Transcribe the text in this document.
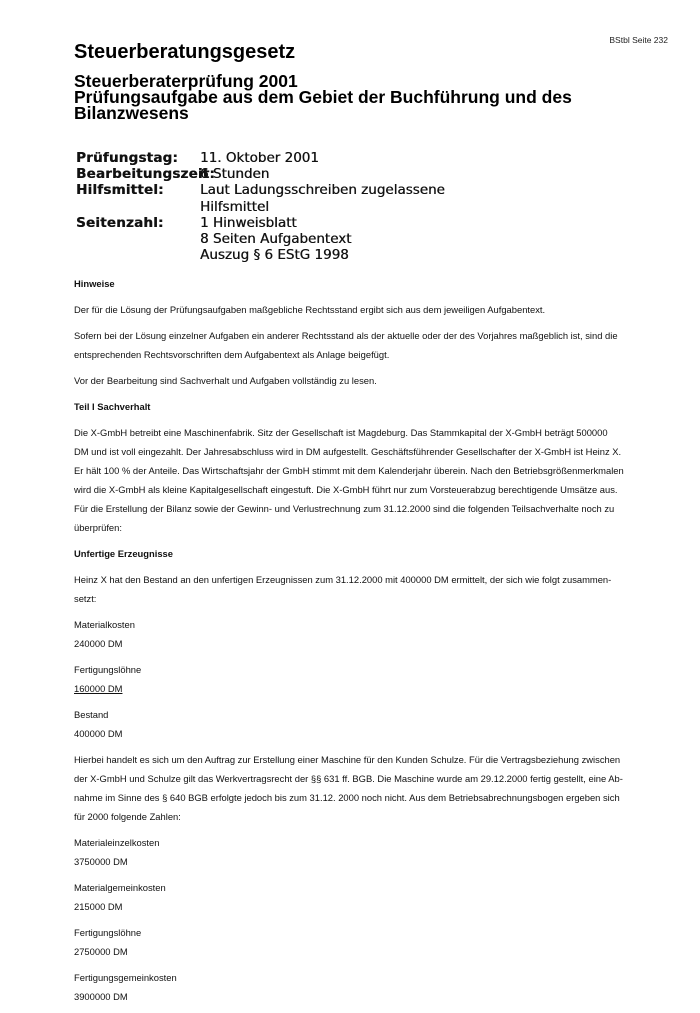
BStbl Seite 232
Steuerberatungsgesetz
Steuerberaterprüfung 2001
Prüfungsaufgabe aus dem Gebiet der Buchführung und des
Bilanzwesens
Prüfungstag:	11. Oktober 2001
Bearbeitungszeit:
6 Stunden
Hilfsmittel:	Laut Ladungsschreiben zugelassene
Hilfsmittel
Seitenzahl:	1 Hinweisblatt
8 Seiten Aufgabentext
Auszug § 6 EStG 1998

Hinweise

Der für die Lösung der Prüfungsaufgaben maßgebliche Rechtsstand ergibt sich aus dem jeweiligen Aufgabentext.

Sofern bei der Lösung einzelner Aufgaben ein anderer Rechtsstand als der aktuelle oder der des Vorjahres maßgeblich ist, sind die entsprechenden Rechtsvorschriften dem Aufgabentext als Anlage beigefügt.

Vor der Bearbeitung sind Sachverhalt und Aufgaben vollständig zu lesen.

Teil I Sachverhalt

Die X-GmbH betreibt eine Maschinenfabrik. Sitz der Gesellschaft ist Magdeburg. Das Stammkapital der X-GmbH beträgt 500000 DM und ist voll eingezahlt. Der Jahresabschluss wird in DM aufgestellt. Geschäftsführender Gesellschafter der X-GmbH ist Heinz X. Er hält 100 % der Anteile. Das Wirtschaftsjahr der GmbH stimmt mit dem Kalenderjahr überein. Nach den Betriebsgrößenmerkmalen wird die X-GmbH als kleine Kapitalgesellschaft eingestuft. Die X-GmbH führt nur zum Vorsteuerabzug berechtigende Umsätze aus. Für die Erstellung der Bilanz sowie der Gewinn- und Verlustrechnung zum 31.12.2000 sind die folgenden Teilsachverhalte noch zu überprüfen:

Unfertige Erzeugnisse

Heinz X hat den Bestand an den unfertigen Erzeugnissen zum 31.12.2000 mit 400000 DM ermittelt, der sich wie folgt zusammensetzt:

Materialkosten
240000 DM
Fertigungslöhne
160000 DM
Bestand
400000 DM

Hierbei handelt es sich um den Auftrag zur Erstellung einer Maschine für den Kunden Schulze. Für die Vertragsbeziehung zwischen der X-GmbH und Schulze gilt das Werkvertragsrecht der §§ 631 ff. BGB. Die Maschine wurde am 29.12.2000 fertig gestellt, eine Abnahme im Sinne des § 640 BGB erfolgte jedoch bis zum 31.12. 2000 noch nicht. Aus dem Betriebsabrechnungsbogen ergeben sich für 2000 folgende Zahlen:

Materialeinzelkosten
3750000 DM
Materialgemeinkosten
215000 DM
Fertigungslöhne
2750000 DM
Fertigungsgemeinkosten
3900000 DM
